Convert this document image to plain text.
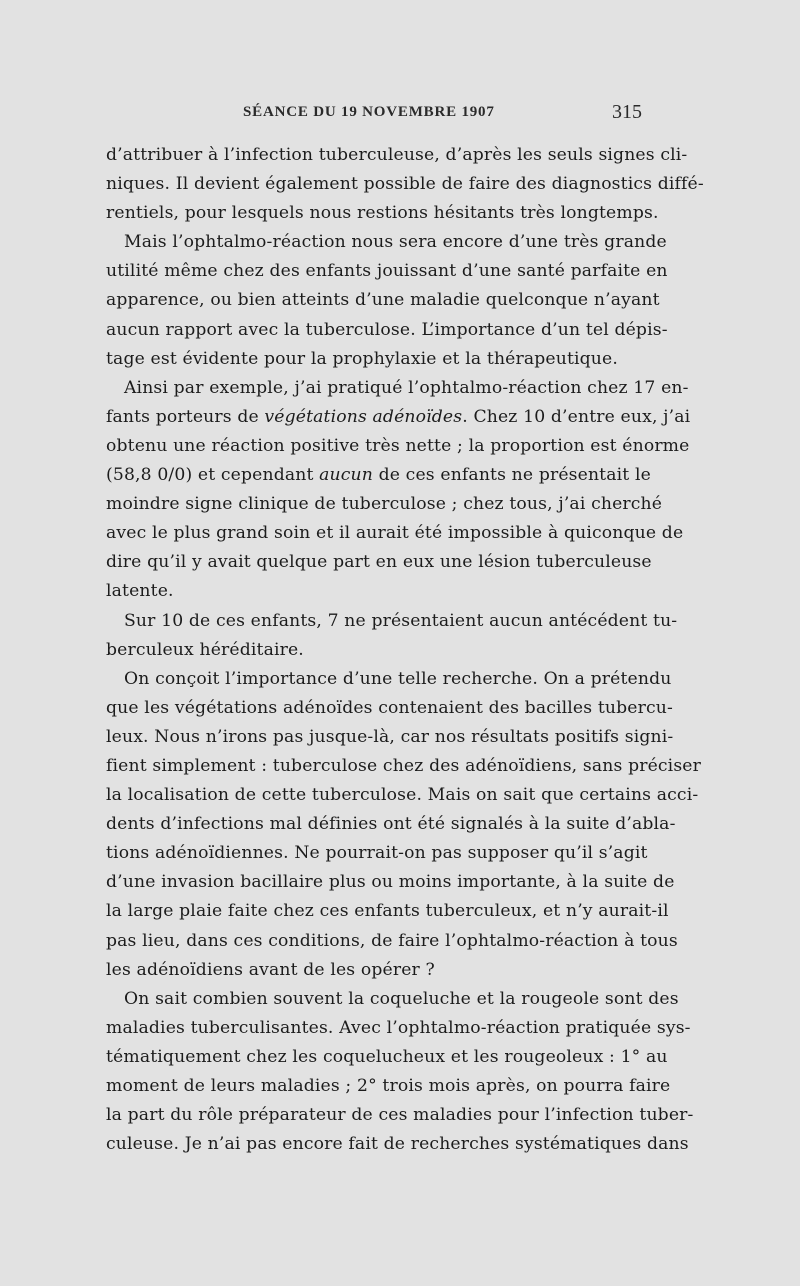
SÉANCE DU 19 NOVEMBRE 1907	315
d’attribuer à l’infection tuberculeuse, d’après les seuls signes cli-
niques. Il devient également possible de faire des diagnostics diffé-
rentiels, pour lesquels nous restions hésitants très longtemps.
Mais l’ophtalmo-réaction nous sera encore d’une très grande
utilité même chez des enfants jouissant d’une santé parfaite en
apparence, ou bien atteints d’une maladie quelconque n’ayant
aucun rapport avec la tuberculose. L’importance d’un tel dépis-
tage est évidente pour la prophylaxie et la thérapeutique.
Ainsi par exemple, j’ai pratiqué l’ophtalmo-réaction chez 17 en-
fants porteurs de végétations adénoïdes. Chez 10 d’entre eux, j’ai
obtenu une réaction positive très nette ; la proportion est énorme
(58,8 0/0) et cependant aucun de ces enfants ne présentait le
moindre signe clinique de tuberculose ; chez tous, j’ai cherché
avec le plus grand soin et il aurait été impossible à quiconque de
dire qu’il y avait quelque part en eux une lésion tuberculeuse
latente.
Sur 10 de ces enfants, 7 ne présentaient aucun antécédent tu-
berculeux héréditaire.
On conçoit l’importance d’une telle recherche. On a prétendu
que les végétations adénoïdes contenaient des bacilles tubercu-
leux. Nous n’irons pas jusque-là, car nos résultats positifs signi-
fient simplement : tuberculose chez des adénoïdiens, sans préciser
la localisation de cette tuberculose. Mais on sait que certains acci-
dents d’infections mal définies ont été signalés à la suite d’abla-
tions adénoïdiennes. Ne pourrait-on pas supposer qu’il s’agit
d’une invasion bacillaire plus ou moins importante, à la suite de
la large plaie faite chez ces enfants tuberculeux, et n’y aurait-il
pas lieu, dans ces conditions, de faire l’ophtalmo-réaction à tous
les adénoïdiens avant de les opérer ?
On sait combien souvent la coqueluche et la rougeole sont des
maladies tuberculisantes. Avec l’ophtalmo-réaction pratiquée sys-
tématiquement chez les coquelucheux et les rougeoleux : 1° au
moment de leurs maladies ; 2° trois mois après, on pourra faire
la part du rôle préparateur de ces maladies pour l’infection tuber-
culeuse. Je n’ai pas encore fait de recherches systématiques dans
